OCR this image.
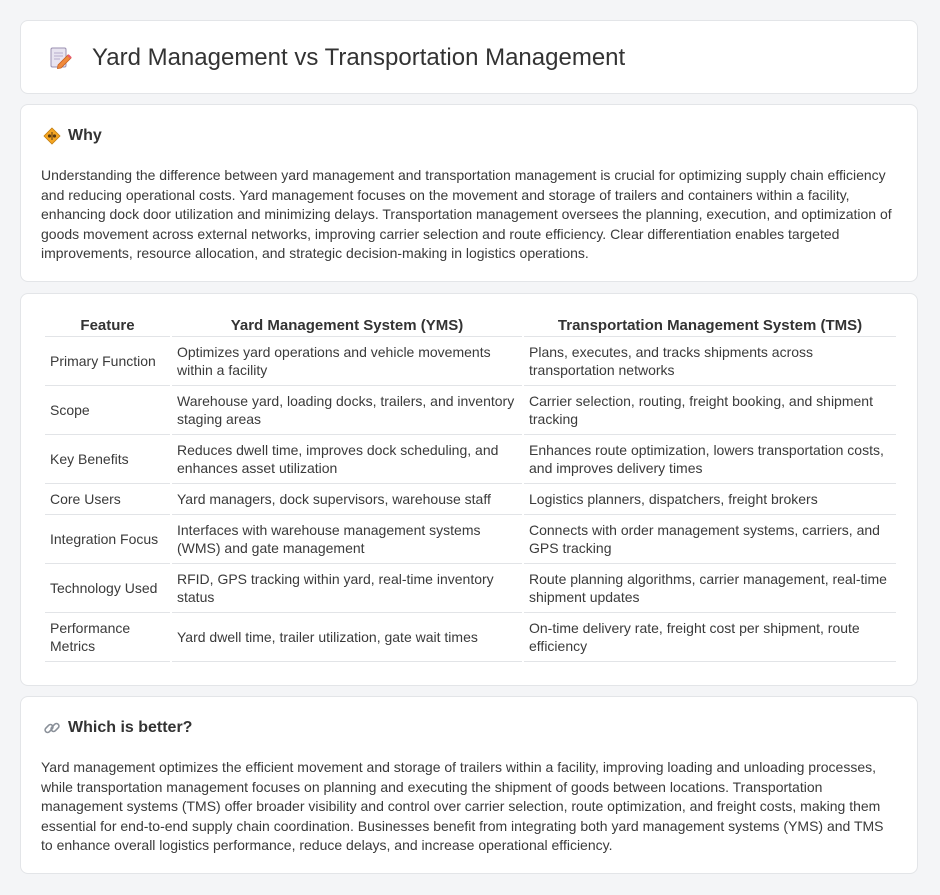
Yard Management vs Transportation Management
Why

Understanding the difference between yard management and transportation management is crucial for optimizing supply chain efficiency and reducing operational costs. Yard management focuses on the movement and storage of trailers and containers within a facility, enhancing dock door utilization and minimizing delays. Transportation management oversees the planning, execution, and optimization of goods movement across external networks, improving carrier selection and route efficiency. Clear differentiation enables targeted improvements, resource allocation, and strategic decision-making in logistics operations.

Feature	Yard Management System (YMS)	Transportation Management System (TMS)
Primary Function	Optimizes yard operations and vehicle movements within a facility	Plans, executes, and tracks shipments across transportation networks
Scope	Warehouse yard, loading docks, trailers, and inventory staging areas	Carrier selection, routing, freight booking, and shipment tracking
Key Benefits	Reduces dwell time, improves dock scheduling, and enhances asset utilization	Enhances route optimization, lowers transportation costs, and improves delivery times
Core Users	Yard managers, dock supervisors, warehouse staff	Logistics planners, dispatchers, freight brokers
Integration Focus	Interfaces with warehouse management systems (WMS) and gate management	Connects with order management systems, carriers, and GPS tracking
Technology Used	RFID, GPS tracking within yard, real-time inventory status	Route planning algorithms, carrier management, real-time shipment updates
Performance Metrics	Yard dwell time, trailer utilization, gate wait times	On-time delivery rate, freight cost per shipment, route efficiency
Which is better?

Yard management optimizes the efficient movement and storage of trailers within a facility, improving loading and unloading processes, while transportation management focuses on planning and executing the shipment of goods between locations. Transportation management systems (TMS) offer broader visibility and control over carrier selection, route optimization, and freight costs, making them essential for end-to-end supply chain coordination. Businesses benefit from integrating both yard management systems (YMS) and TMS to enhance overall logistics performance, reduce delays, and increase operational efficiency.
